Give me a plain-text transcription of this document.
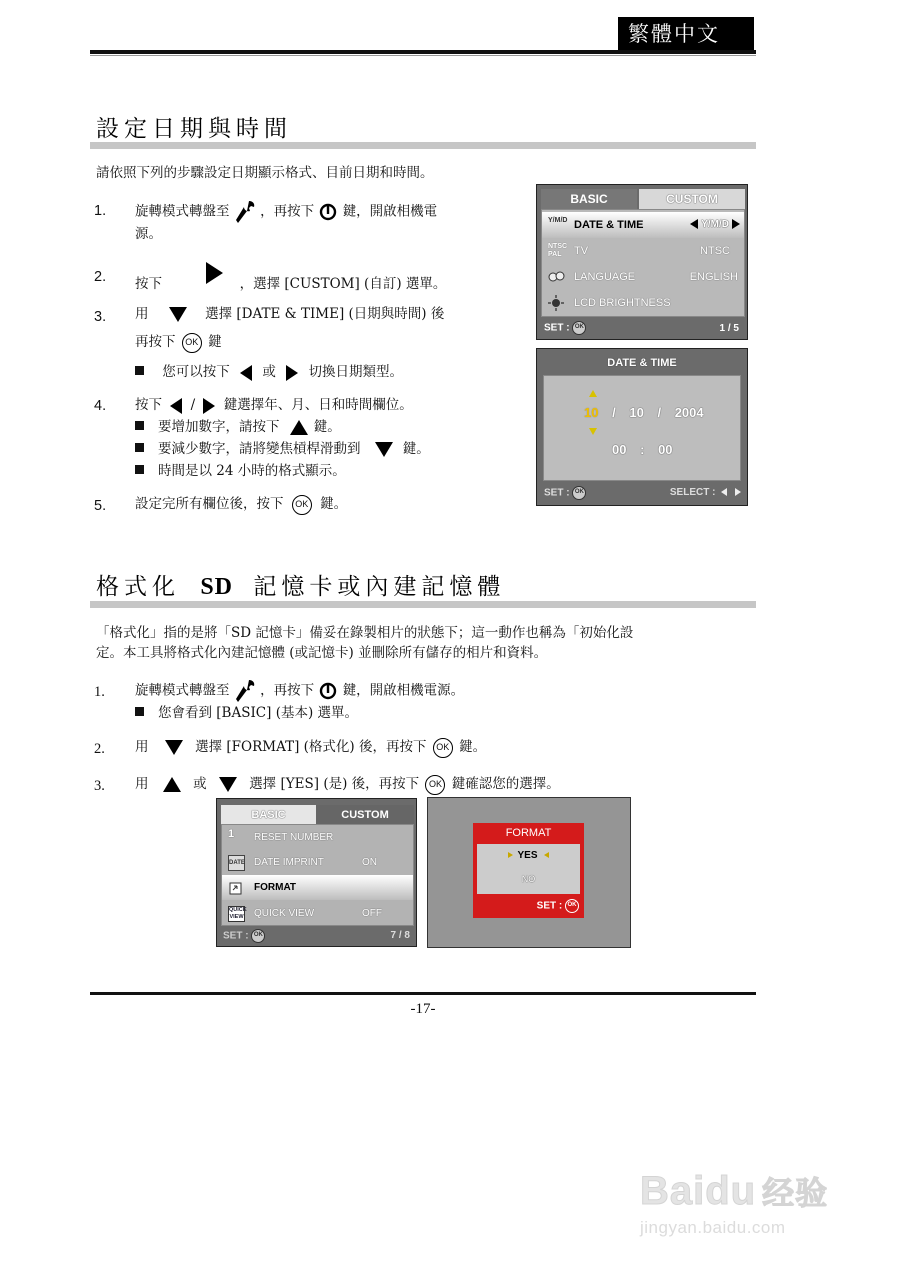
繁體中文
設定日期與時間
請依照下列的步驟設定日期顯示格式、目前日期和時間。
1. 旋轉模式轉盤至 ，再按下 鍵，開啟相機電
源。
2. 按下	，選擇 [CUSTOM] (自訂) 選單。
3. 用	選擇 [DATE & TIME] (日期與時間) 後
再按下 OK 鍵
您可以按下 或 切換日期類型。
4. 按下 / 鍵選擇年、月、日和時間欄位。
要增加數字，請按下	鍵。
要減少數字，請將變焦槓桿滑動到	鍵。
時間是以 24 小時的格式顯示。
5. 設定完所有欄位後，按下 OK 鍵。
BASIC	CUSTOM
Y/M/D DATE & TIME	Y/M/D
NTSC PAL	TV	NTSC
LANGUAGE	ENGLISH
LCD BRIGHTNESS
SET : OK	1 / 5
DATE & TIME
10 / 10 / 2004
00 : 00
SET : OK	SELECT :
格式化 SD 記憶卡或內建記憶體
「格式化」指的是將「SD 記憶卡」備妥在錄製相片的狀態下；這一動作也稱為「初始化設
定。本工具將格式化內建記憶體 (或記憶卡) 並刪除所有儲存的相片和資料。
1. 旋轉模式轉盤至 ，再按下 鍵，開啟相機電源。
您會看到 [BASIC] (基本) 選單。
2. 用	選擇 [FORMAT] (格式化) 後，再按下 OK 鍵。
3. 用	或	選擇 [YES] (是) 後，再按下 OK 鍵確認您的選擇。
BASIC	CUSTOM
1	RESET NUMBER
DATE DATE IMPRINT	ON
FORMAT
QUICK VIEW QUICK VIEW	OFF
SET : OK	7 / 8
FORMAT
YES
NO
SET : OK
-17-
Baidu 经验
jingyan.baidu.com
